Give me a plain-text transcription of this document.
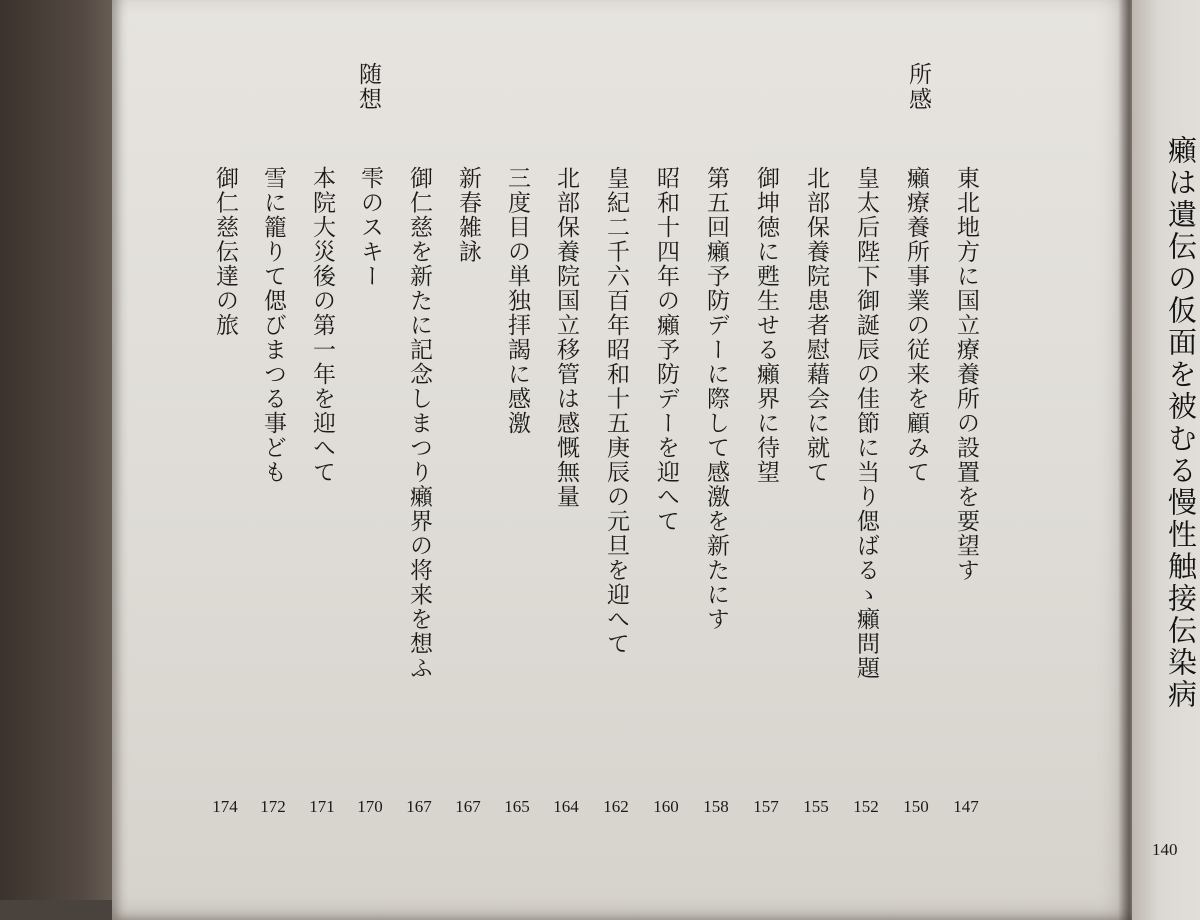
所感
随想
東北地方に国立療養所の設置を要望す
癩療養所事業の従来を顧みて
皇太后陛下御誕辰の佳節に当り偲ばるゝ癩問題
北部保養院患者慰藉会に就て
御坤徳に甦生せる癩界に待望
第五回癩予防デーに際して感激を新たにす
昭和十四年の癩予防デーを迎へて
皇紀二千六百年昭和十五庚辰の元旦を迎へて
北部保養院国立移管は感慨無量
三度目の単独拝謁に感激
新春雑詠
御仁慈を新たに記念しまつり癩界の将来を想ふ
雫のスキー
本院大災後の第一年を迎へて
雪に籠りて偲びまつる事ども
御仁慈伝達の旅
147
150
152
155
157
158
160
162
164
165
167
167
170
171
172
174
癩は遺伝の仮面を被むる慢性触接伝染病
140
